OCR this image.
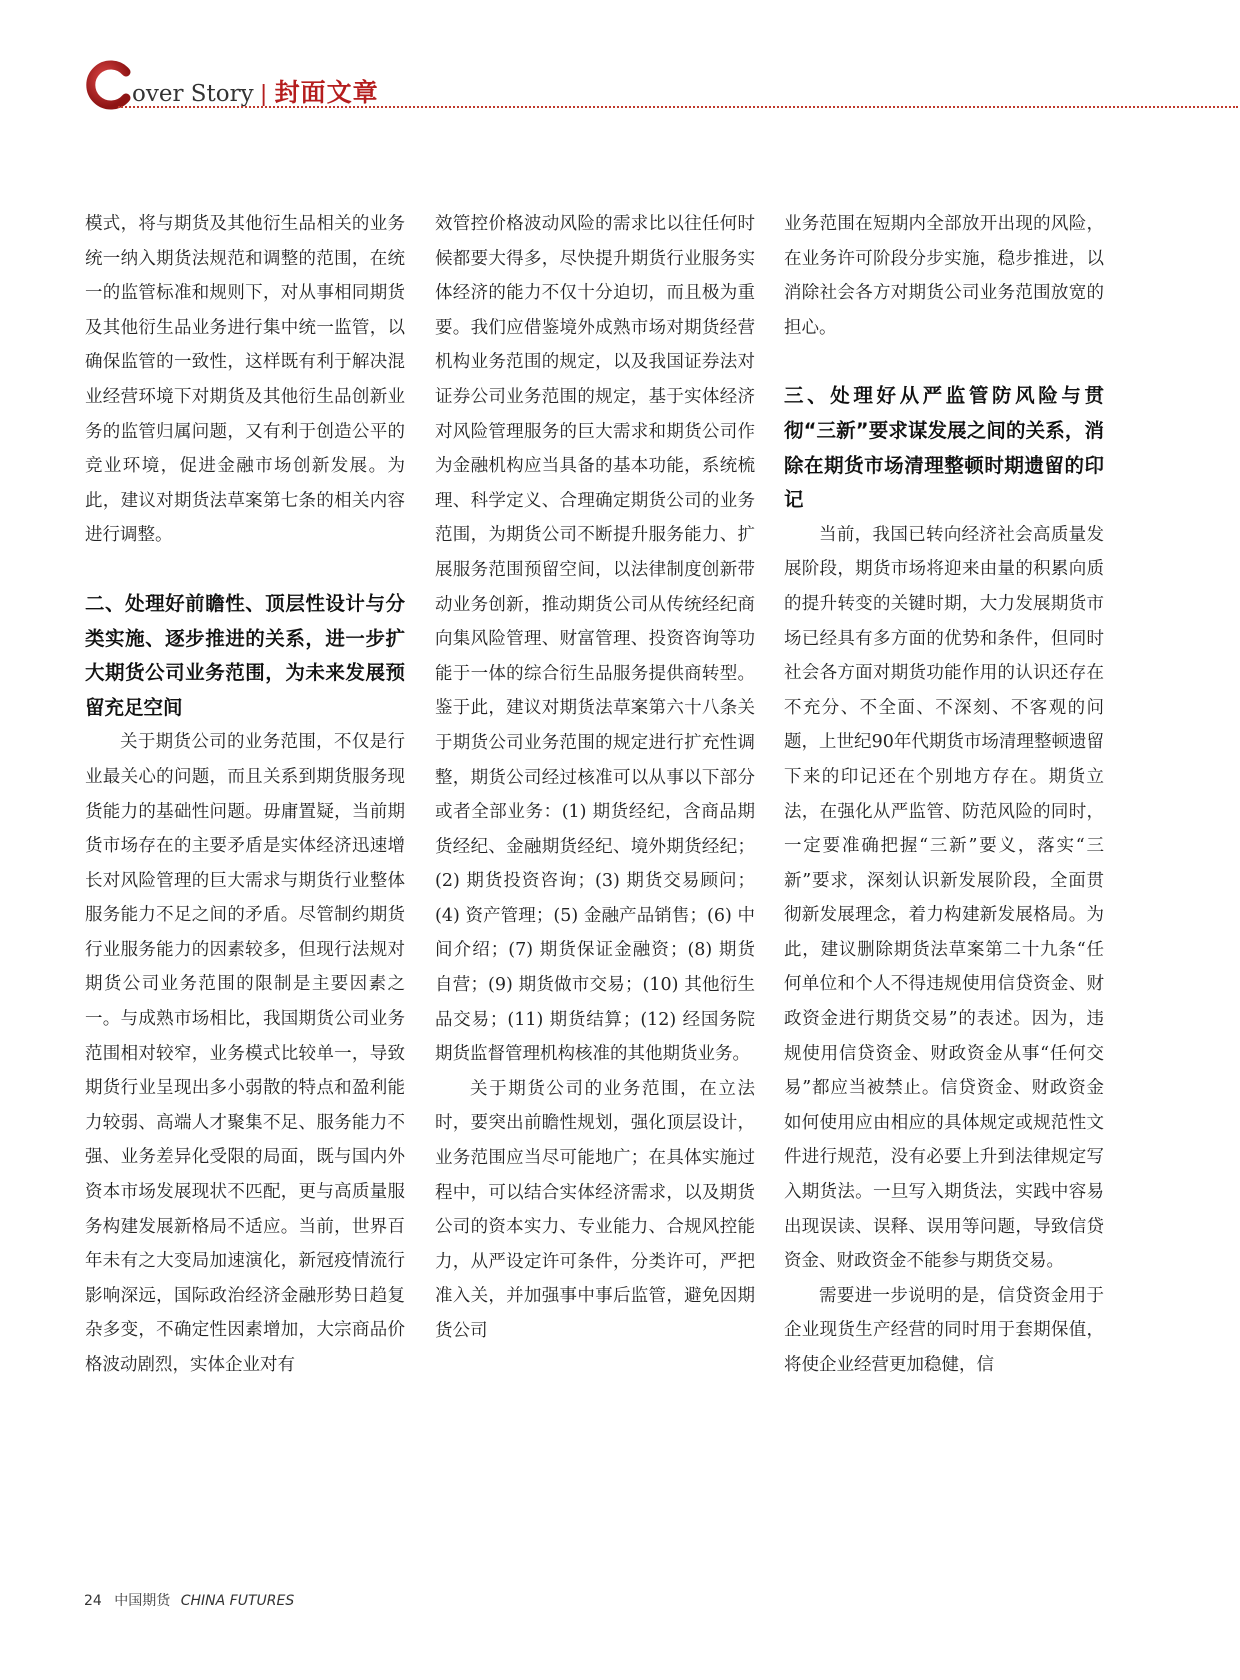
over Story | 封面文章

模式，将与期货及其他衍生品相关的业务统一纳入期货法规范和调整的范围，在统一的监管标准和规则下，对从事相同期货及其他衍生品业务进行集中统一监管，以确保监管的一致性，这样既有利于解决混业经营环境下对期货及其他衍生品创新业务的监管归属问题，又有利于创造公平的竞业环境，促进金融市场创新发展。为此，建议对期货法草案第七条的相关内容进行调整。

二、处理好前瞻性、顶层性设计与分类实施、逐步推进的关系，进一步扩大期货公司业务范围，为未来发展预留充足空间

关于期货公司的业务范围，不仅是行业最关心的问题，而且关系到期货服务现货能力的基础性问题。毋庸置疑，当前期货市场存在的主要矛盾是实体经济迅速增长对风险管理的巨大需求与期货行业整体服务能力不足之间的矛盾。尽管制约期货行业服务能力的因素较多，但现行法规对期货公司业务范围的限制是主要因素之一。与成熟市场相比，我国期货公司业务范围相对较窄，业务模式比较单一，导致期货行业呈现出多小弱散的特点和盈利能力较弱、高端人才聚集不足、服务能力不强、业务差异化受限的局面，既与国内外资本市场发展现状不匹配，更与高质量服务构建发展新格局不适应。当前，世界百年未有之大变局加速演化，新冠疫情流行影响深远，国际政治经济金融形势日趋复杂多变，不确定性因素增加，大宗商品价格波动剧烈，实体企业对有

效管控价格波动风险的需求比以往任何时候都要大得多，尽快提升期货行业服务实体经济的能力不仅十分迫切，而且极为重要。我们应借鉴境外成熟市场对期货经营机构业务范围的规定，以及我国证券法对证券公司业务范围的规定，基于实体经济对风险管理服务的巨大需求和期货公司作为金融机构应当具备的基本功能，系统梳理、科学定义、合理确定期货公司的业务范围，为期货公司不断提升服务能力、扩展服务范围预留空间，以法律制度创新带动业务创新，推动期货公司从传统经纪商向集风险管理、财富管理、投资咨询等功能于一体的综合衍生品服务提供商转型。鉴于此，建议对期货法草案第六十八条关于期货公司业务范围的规定进行扩充性调整，期货公司经过核准可以从事以下部分或者全部业务：(1) 期货经纪，含商品期货经纪、金融期货经纪、境外期货经纪；(2) 期货投资咨询；(3) 期货交易顾问；(4) 资产管理；(5) 金融产品销售；(6) 中间介绍；(7) 期货保证金融资；(8) 期货自营；(9) 期货做市交易；(10) 其他衍生品交易；(11) 期货结算；(12) 经国务院期货监督管理机构核准的其他期货业务。

关于期货公司的业务范围，在立法时，要突出前瞻性规划，强化顶层设计，业务范围应当尽可能地广；在具体实施过程中，可以结合实体经济需求，以及期货公司的资本实力、专业能力、合规风控能力，从严设定许可条件，分类许可，严把准入关，并加强事中事后监管，避免因期货公司

业务范围在短期内全部放开出现的风险，在业务许可阶段分步实施，稳步推进，以消除社会各方对期货公司业务范围放宽的担心。

三、处理好从严监管防风险与贯彻“三新”要求谋发展之间的关系，消除在期货市场清理整顿时期遗留的印记

当前，我国已转向经济社会高质量发展阶段，期货市场将迎来由量的积累向质的提升转变的关键时期，大力发展期货市场已经具有多方面的优势和条件，但同时社会各方面对期货功能作用的认识还存在不充分、不全面、不深刻、不客观的问题，上世纪90年代期货市场清理整顿遗留下来的印记还在个别地方存在。期货立法，在强化从严监管、防范风险的同时，一定要准确把握“三新”要义，落实“三新”要求，深刻认识新发展阶段，全面贯彻新发展理念，着力构建新发展格局。为此，建议删除期货法草案第二十九条“任何单位和个人不得违规使用信贷资金、财政资金进行期货交易”的表述。因为，违规使用信贷资金、财政资金从事“任何交易”都应当被禁止。信贷资金、财政资金如何使用应由相应的具体规定或规范性文件进行规范，没有必要上升到法律规定写入期货法。一旦写入期货法，实践中容易出现误读、误释、误用等问题，导致信贷资金、财政资金不能参与期货交易。

需要进一步说明的是，信贷资金用于企业现货生产经营的同时用于套期保值，将使企业经营更加稳健，信

24 中国期货 CHINA FUTURES
